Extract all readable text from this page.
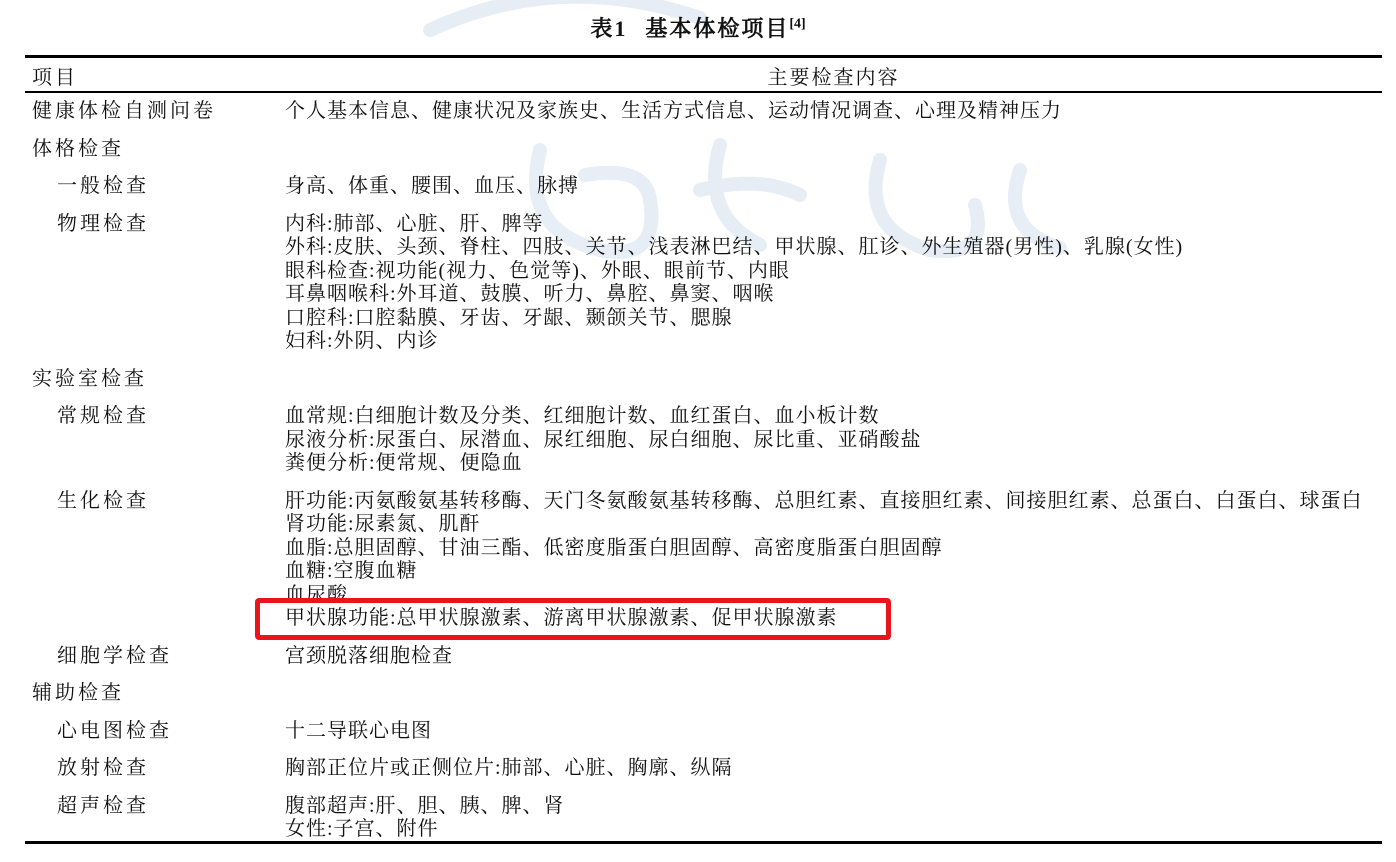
表1 基本体检项目[4]
项目	主要检查内容
健康体检自测问卷	个人基本信息、健康状况及家族史、生活方式信息、运动情况调查、心理及精神压力
体格检查
一般检查	身高、体重、腰围、血压、脉搏
物理检查	内科:肺部、心脏、肝、脾等
外科:皮肤、头颈、脊柱、四肢、关节、浅表淋巴结、甲状腺、肛诊、外生殖器(男性)、乳腺(女性)
眼科检查:视功能(视力、色觉等)、外眼、眼前节、内眼
耳鼻咽喉科:外耳道、鼓膜、听力、鼻腔、鼻窦、咽喉
口腔科:口腔黏膜、牙齿、牙龈、颞颌关节、腮腺
妇科:外阴、内诊
实验室检查
常规检查	血常规:白细胞计数及分类、红细胞计数、血红蛋白、血小板计数
尿液分析:尿蛋白、尿潜血、尿红细胞、尿白细胞、尿比重、亚硝酸盐
粪便分析:便常规、便隐血
生化检查	肝功能:丙氨酸氨基转移酶、天门冬氨酸氨基转移酶、总胆红素、直接胆红素、间接胆红素、总蛋白、白蛋白、球蛋白
肾功能:尿素氮、肌酐
血脂:总胆固醇、甘油三酯、低密度脂蛋白胆固醇、高密度脂蛋白胆固醇
血糖:空腹血糖
血尿酸
甲状腺功能:总甲状腺激素、游离甲状腺激素、促甲状腺激素
细胞学检查	宫颈脱落细胞检查
辅助检查
心电图检查	十二导联心电图
放射检查	胸部正位片或正侧位片:肺部、心脏、胸廓、纵隔
超声检查	腹部超声:肝、胆、胰、脾、肾
女性:子宫、附件
